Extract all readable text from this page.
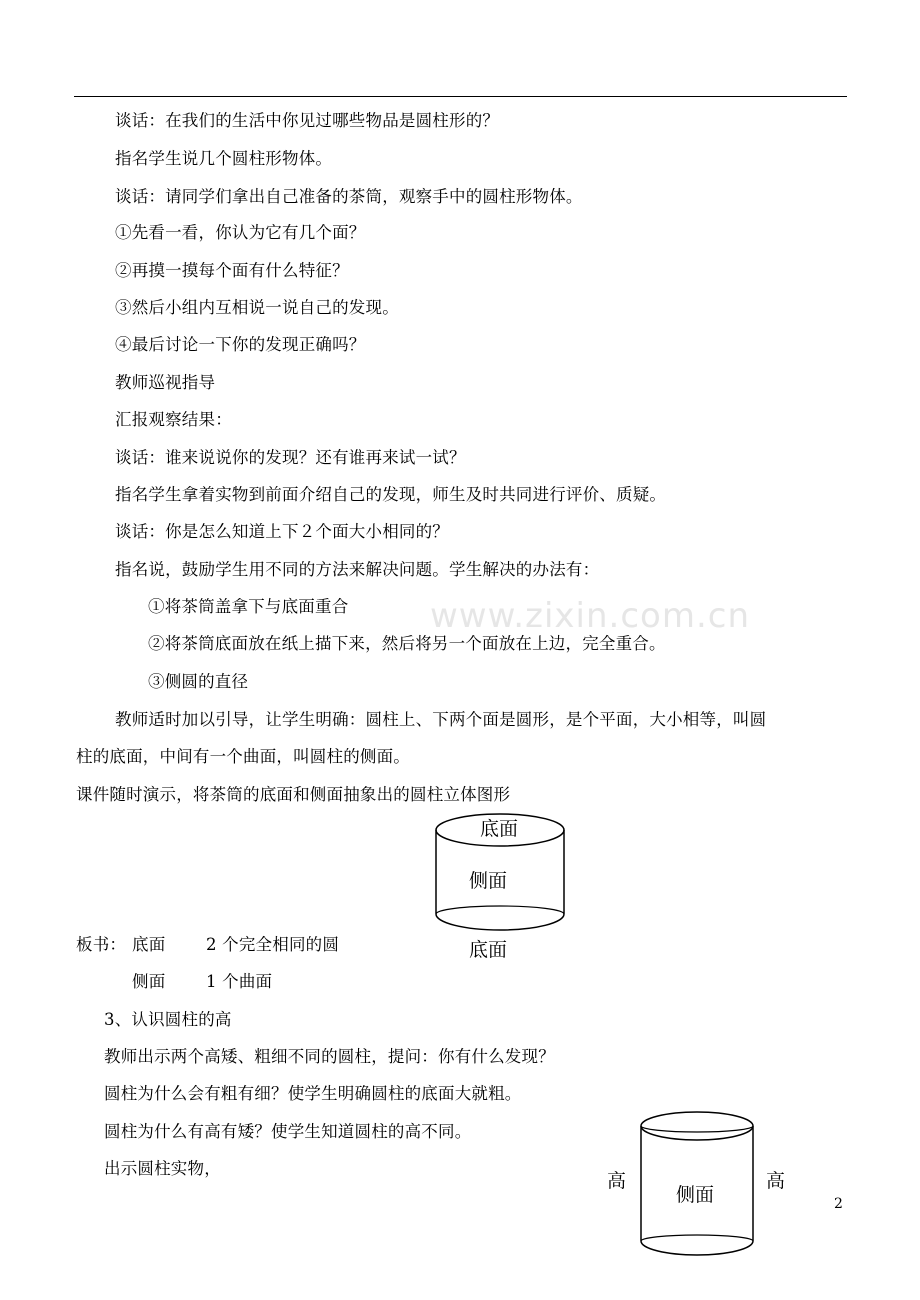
www.zixin.com.cn
谈话：在我们的生活中你见过哪些物品是圆柱形的？
指名学生说几个圆柱形物体。
谈话：请同学们拿出自己准备的茶筒，观察手中的圆柱形物体。
①先看一看，你认为它有几个面？
②再摸一摸每个面有什么特征？
③然后小组内互相说一说自己的发现。
④最后讨论一下你的发现正确吗？
教师巡视指导
汇报观察结果：
谈话：谁来说说你的发现？还有谁再来试一试？
指名学生拿着实物到前面介绍自己的发现，师生及时共同进行评价、质疑。
谈话：你是怎么知道上下２个面大小相同的？
指名说，鼓励学生用不同的方法来解决问题。学生解决的办法有：
①将茶筒盖拿下与底面重合
②将茶筒底面放在纸上描下来，然后将另一个面放在上边，完全重合。
③侧圆的直径
教师适时加以引导，让学生明确：圆柱上、下两个面是圆形，是个平面，大小相等，叫圆
柱的底面，中间有一个曲面，叫圆柱的侧面。
课件随时演示，将茶筒的底面和侧面抽象出的圆柱立体图形
底面
侧面
底面
板书： 底面 2 个完全相同的圆
侧面 1 个曲面
3、认识圆柱的高
教师出示两个高矮、粗细不同的圆柱，提问：你有什么发现？
圆柱为什么会有粗有细？使学生明确圆柱的底面大就粗。
圆柱为什么有高有矮？使学生知道圆柱的高不同。
出示圆柱实物，
高
侧面
高
2
